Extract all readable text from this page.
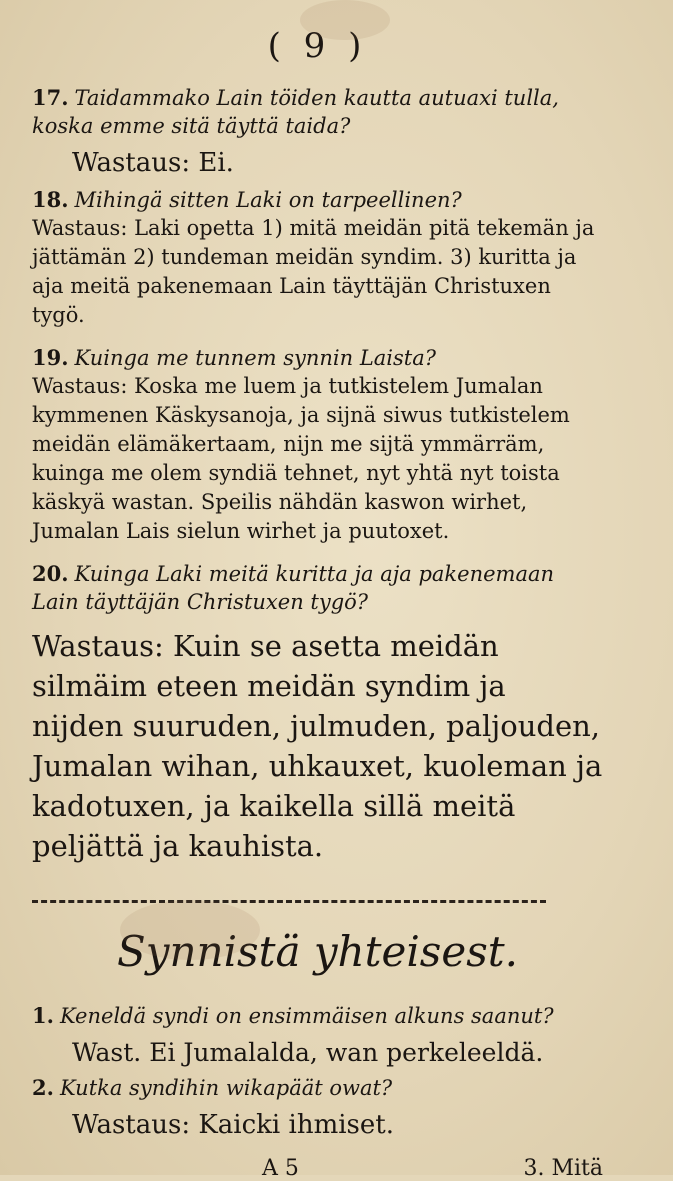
( 9 )

17. Taidammako Lain töiden kautta autuaxi tulla, koska emme sitä täyttä taida?

Wastaus: Ei.

18. Mihingä sitten Laki on tarpeellinen?

Wastaus: Laki opetta 1) mitä meidän pitä tekemän ja jättämän 2) tundeman meidän syndim. 3) kuritta ja aja meitä pakenemaan Lain täyttäjän Christuxen tygö.

19. Kuinga me tunnem synnin Laista?

Wastaus: Koska me luem ja tutkistelem Jumalan kymmenen Käskysanoja, ja sijnä siwus tutkistelem meidän elämäkertaam, nijn me sijtä ymmärräm, kuinga me olem syndiä tehnet, nyt yhtä nyt toista käskyä wastan. Speilis nähdän kaswon wirhet, Jumalan Lais sielun wirhet ja puutoxet.

20. Kuinga Laki meitä kuritta ja aja pakenemaan Lain täyttäjän Christuxen tygö?

Wastaus: Kuin se asetta meidän silmäim eteen meidän syndim ja nijden suuruden, julmuden, paljouden, Jumalan wihan, uhkauxet, kuoleman ja kadotuxen, ja kaikella sillä meitä peljättä ja kauhista.

Synnistä yhteisest.

1. Keneldä syndi on ensimmäisen alkuns saanut?

Wast. Ei Jumalalda, wan perkeleeldä.

2. Kutka syndihin wikapäät owat?

Wastaus: Kaicki ihmiset.

A 5	3. Mitä
